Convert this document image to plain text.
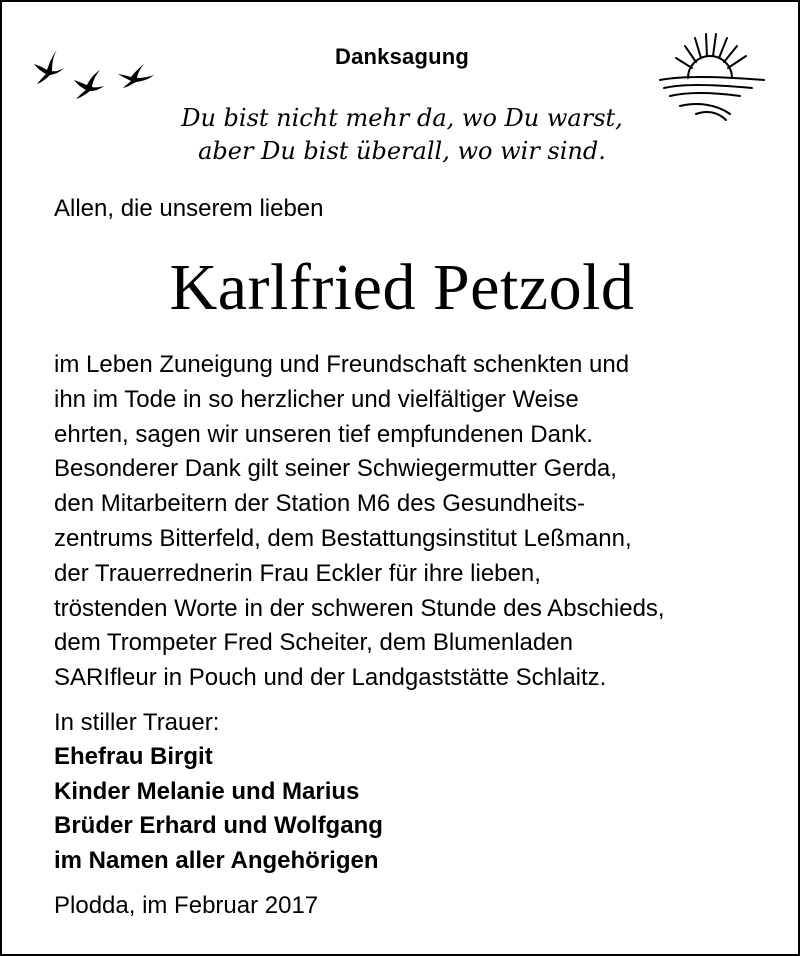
Danksagung
Du bist nicht mehr da, wo Du warst,
aber Du bist überall, wo wir sind.
Allen, die unserem lieben
Karlfried Petzold
im Leben Zuneigung und Freundschaft schenkten und
ihn im Tode in so herzlicher und vielfältiger Weise
ehrten, sagen wir unseren tief empfundenen Dank.
Besonderer Dank gilt seiner Schwiegermutter Gerda,
den Mitarbeitern der Station M6 des Gesundheits-
zentrums Bitterfeld, dem Bestattungsinstitut Leßmann,
der Trauerrednerin Frau Eckler für ihre lieben,
tröstenden Worte in der schweren Stunde des Abschieds,
dem Trompeter Fred Scheiter, dem Blumenladen
SARIfleur in Pouch und der Landgaststätte Schlaitz.
In stiller Trauer:
Ehefrau Birgit
Kinder Melanie und Marius
Brüder Erhard und Wolfgang
im Namen aller Angehörigen
Plodda, im Februar 2017
